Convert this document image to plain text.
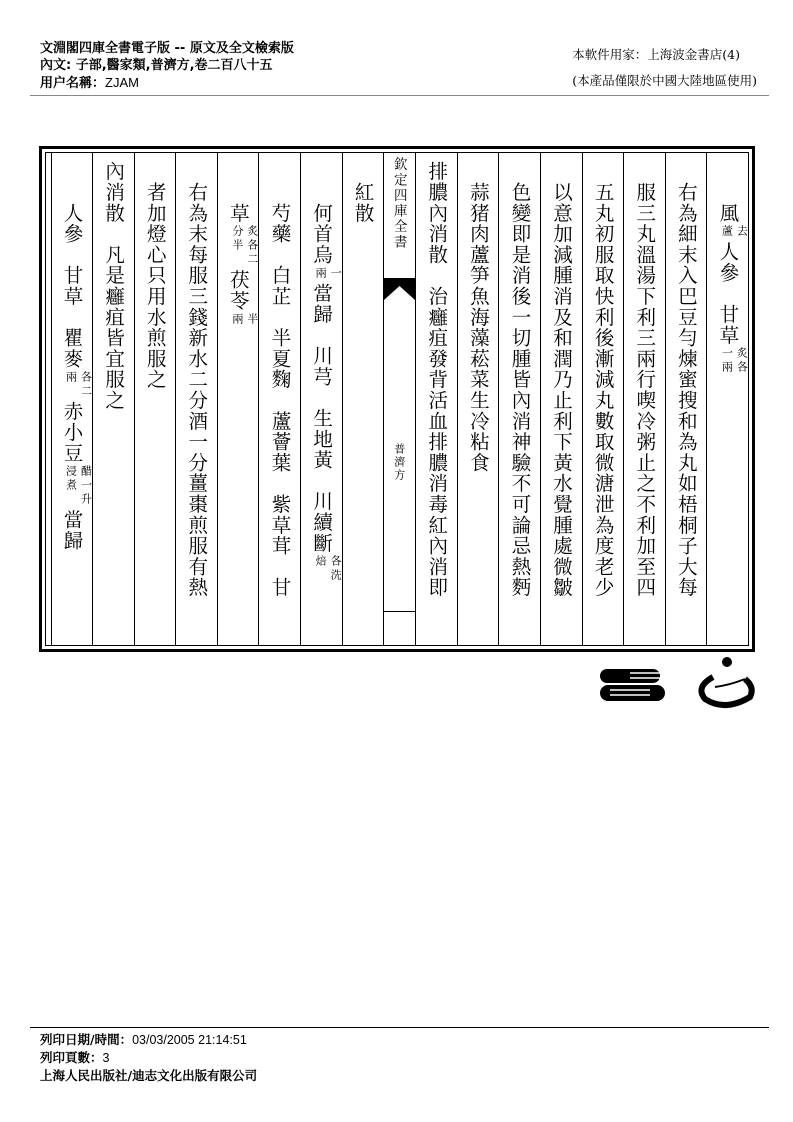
文淵閣四庫全書電子版 -- 原文及全文檢索版
內文: 子部,醫家類,普濟方,卷二百八十五
用户名稱：ZJAM
本軟件用家：上海波金書店(4)
(本產品僅限於中國大陸地區使用)
　　風
去
蘆
人參　甘草
炙各
一兩
　右為細末入巴豆勻煉蜜搜和為丸如梧桐子大每
　服三丸溫湯下利三兩行喫冷粥止之不利加至四
　五丸初服取快利後漸減丸數取微溏泄為度老少
　以意加減腫消及和潤乃止利下黃水覺腫處微皺
　色變即是消後一切腫皆內消神驗不可論忌熱麪
　蒜猪肉蘆笋魚海藻菘菜生冷粘食
排膿內消散　治癰疽發背活血排膿消毒紅內消即
欽定四庫全書
普濟方
　紅散
　　何首烏
一
兩
當歸　川芎　生地黃　川續斷
各洗
焙
　　芍藥　白芷　半夏麴　蘆薈葉　紫草茸　甘
　　草
炙各二
分半
茯苓
半
兩
　右為末每服三錢新水二分酒一分薑棗煎服有熱
　者加燈心只用水煎服之
內消散　凡是癰疽皆宜服之
　　人參　甘草　瞿麥
各二
兩
赤小豆
醋一升
浸煮
當歸
列印日期/時間：03/03/2005 21:14:51
列印頁數：3
上海人民出版社/迪志文化出版有限公司
